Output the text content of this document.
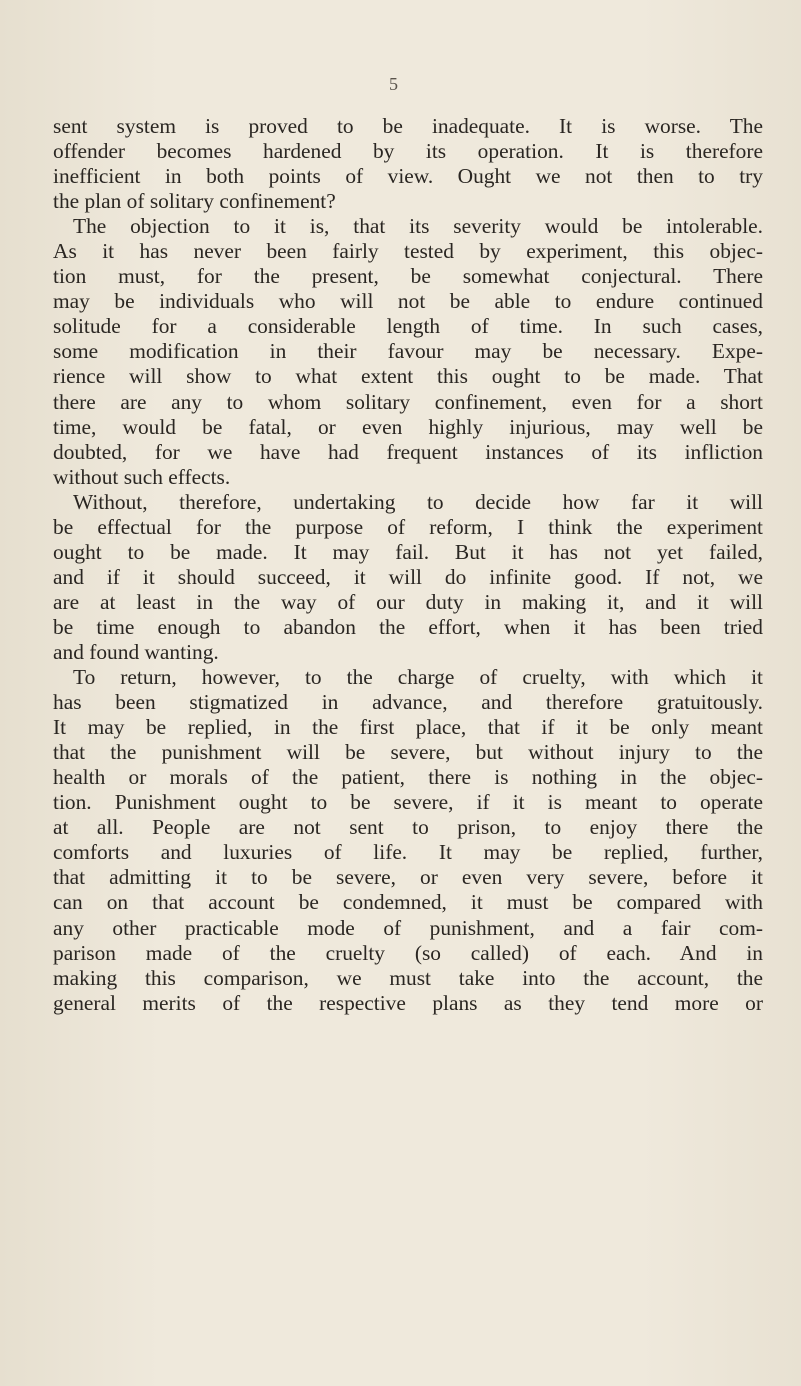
5
sent system is proved to be inadequate. It is worse. The
offender becomes hardened by its operation. It is therefore
inefficient in both points of view. Ought we not then to try
the plan of solitary confinement?
The objection to it is, that its severity would be intolerable.
As it has never been fairly tested by experiment, this objec-
tion must, for the present, be somewhat conjectural. There
may be individuals who will not be able to endure continued
solitude for a considerable length of time. In such cases,
some modification in their favour may be necessary. Expe-
rience will show to what extent this ought to be made. That
there are any to whom solitary confinement, even for a short
time, would be fatal, or even highly injurious, may well be
doubted, for we have had frequent instances of its infliction
without such effects.
Without, therefore, undertaking to decide how far it will
be effectual for the purpose of reform, I think the experiment
ought to be made. It may fail. But it has not yet failed,
and if it should succeed, it will do infinite good. If not, we
are at least in the way of our duty in making it, and it will
be time enough to abandon the effort, when it has been tried
and found wanting.
To return, however, to the charge of cruelty, with which it
has been stigmatized in advance, and therefore gratuitously.
It may be replied, in the first place, that if it be only meant
that the punishment will be severe, but without injury to the
health or morals of the patient, there is nothing in the objec-
tion. Punishment ought to be severe, if it is meant to operate
at all. People are not sent to prison, to enjoy there the
comforts and luxuries of life. It may be replied, further,
that admitting it to be severe, or even very severe, before it
can on that account be condemned, it must be compared with
any other practicable mode of punishment, and a fair com-
parison made of the cruelty (so called) of each. And in
making this comparison, we must take into the account, the
general merits of the respective plans as they tend more or
